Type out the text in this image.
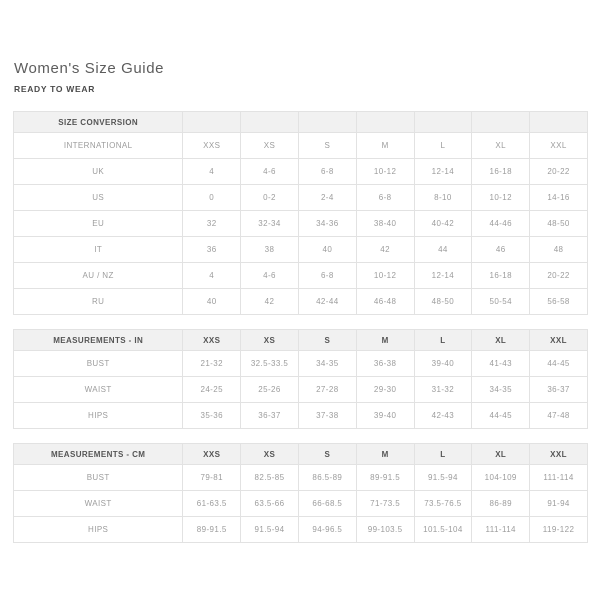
Women's Size Guide
READY TO WEAR
SIZE CONVERSION							
INTERNATIONAL	XXS	XS	S	M	L	XL	XXL
UK	4	4-6	6-8	10-12	12-14	16-18	20-22
US	0	0-2	2-4	6-8	8-10	10-12	14-16
EU	32	32-34	34-36	38-40	40-42	44-46	48-50
IT	36	38	40	42	44	46	48
AU / NZ	4	4-6	6-8	10-12	12-14	16-18	20-22
RU	40	42	42-44	46-48	48-50	50-54	56-58
MEASUREMENTS - IN	XXS	XS	S	M	L	XL	XXL
BUST	21-32	32.5-33.5	34-35	36-38	39-40	41-43	44-45
WAIST	24-25	25-26	27-28	29-30	31-32	34-35	36-37
HIPS	35-36	36-37	37-38	39-40	42-43	44-45	47-48
MEASUREMENTS - CM	XXS	XS	S	M	L	XL	XXL
BUST	79-81	82.5-85	86.5-89	89-91.5	91.5-94	104-109	111-114
WAIST	61-63.5	63.5-66	66-68.5	71-73.5	73.5-76.5	86-89	91-94
HIPS	89-91.5	91.5-94	94-96.5	99-103.5	101.5-104	111-114	119-122
